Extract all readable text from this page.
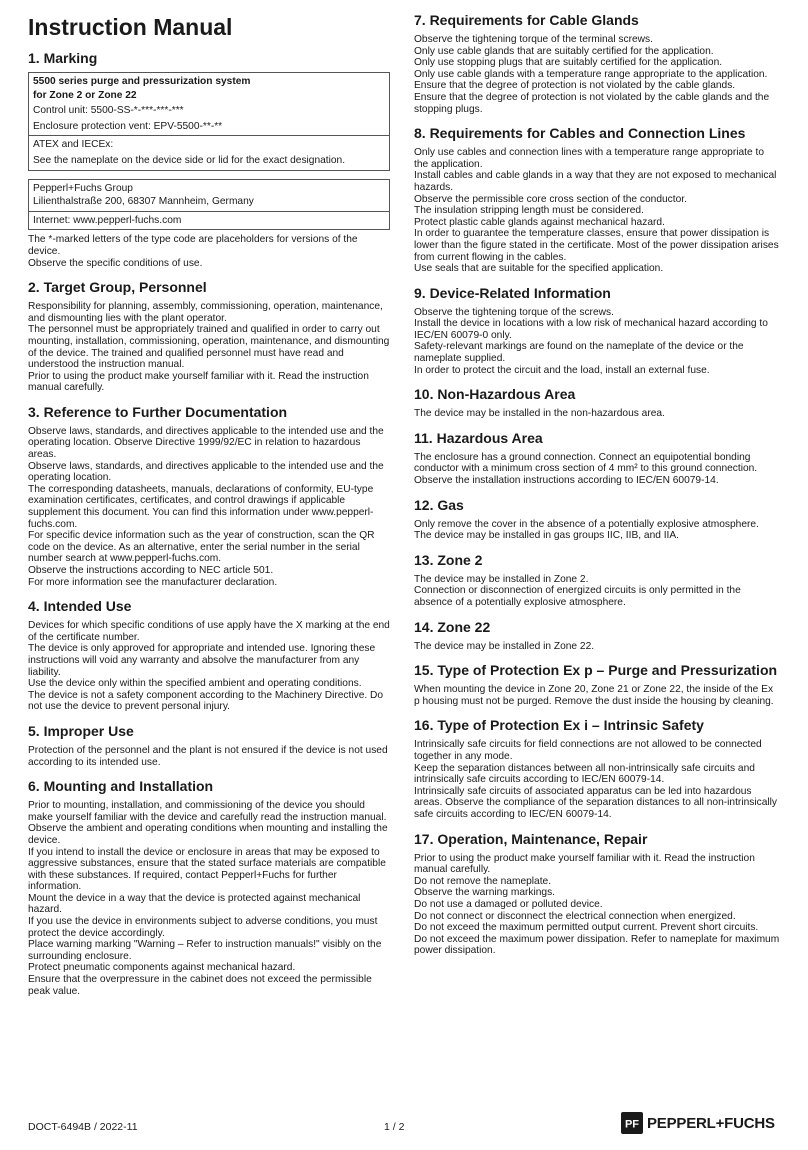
Instruction Manual
1. Marking

5500 series purge and pressurization system

for Zone 2 or Zone 22

Control unit: 5500-SS-*-***-***-***

Enclosure protection vent: EPV-5500-**-**

ATEX and IECEx:

See the nameplate on the device side or lid for the exact designation.

Pepperl+Fuchs Group

Lilienthalstraße 200, 68307 Mannheim, Germany

Internet: www.pepperl-fuchs.com

The *-marked letters of the type code are placeholders for versions of the device.

Observe the specific conditions of use.

2. Target Group, Personnel

Responsibility for planning, assembly, commissioning, operation, maintenance, and dismounting lies with the plant operator.

The personnel must be appropriately trained and qualified in order to carry out mounting, installation, commissioning, operation, maintenance, and dismounting of the device. The trained and qualified personnel must have read and understood the instruction manual.

Prior to using the product make yourself familiar with it. Read the instruction manual carefully.

3. Reference to Further Documentation

Observe laws, standards, and directives applicable to the intended use and the operating location. Observe Directive 1999/92/EC in relation to hazardous areas.

Observe laws, standards, and directives applicable to the intended use and the operating location.

The corresponding datasheets, manuals, declarations of conformity, EU-type examination certificates, certificates, and control drawings if applicable supplement this document. You can find this information under www.pepperl-fuchs.com.

For specific device information such as the year of construction, scan the QR code on the device. As an alternative, enter the serial number in the serial number search at www.pepperl-fuchs.com.

Observe the instructions according to NEC article 501.

For more information see the manufacturer declaration.

4. Intended Use

Devices for which specific conditions of use apply have the X marking at the end of the certificate number.

The device is only approved for appropriate and intended use. Ignoring these instructions will void any warranty and absolve the manufacturer from any liability.

Use the device only within the specified ambient and operating conditions.

The device is not a safety component according to the Machinery Directive. Do not use the device to prevent personal injury.

5. Improper Use

Protection of the personnel and the plant is not ensured if the device is not used according to its intended use.

6. Mounting and Installation

Prior to mounting, installation, and commissioning of the device you should make yourself familiar with the device and carefully read the instruction manual.

Observe the ambient and operating conditions when mounting and installing the device.

If you intend to install the device or enclosure in areas that may be exposed to aggressive substances, ensure that the stated surface materials are compatible with these substances. If required, contact Pepperl+Fuchs for further information.

Mount the device in a way that the device is protected against mechanical hazard.

If you use the device in environments subject to adverse conditions, you must protect the device accordingly.

Place warning marking "Warning – Refer to instruction manuals!" visibly on the surrounding enclosure.

Protect pneumatic components against mechanical hazard.

Ensure that the overpressure in the cabinet does not exceed the permissible peak value.

7. Requirements for Cable Glands

Observe the tightening torque of the terminal screws.

Only use cable glands that are suitably certified for the application.

Only use stopping plugs that are suitably certified for the application.

Only use cable glands with a temperature range appropriate to the application.

Ensure that the degree of protection is not violated by the cable glands.

Ensure that the degree of protection is not violated by the cable glands and the stopping plugs.

8. Requirements for Cables and Connection Lines

Only use cables and connection lines with a temperature range appropriate to the application.

Install cables and cable glands in a way that they are not exposed to mechanical hazards.

Observe the permissible core cross section of the conductor.

The insulation stripping length must be considered.

Protect plastic cable glands against mechanical hazard.

In order to guarantee the temperature classes, ensure that power dissipation is lower than the figure stated in the certificate. Most of the power dissipation arises from current flowing in the cables.

Use seals that are suitable for the specified application.

9. Device-Related Information

Observe the tightening torque of the screws.

Install the device in locations with a low risk of mechanical hazard according to IEC/EN 60079-0 only.

Safety-relevant markings are found on the nameplate of the device or the nameplate supplied.

In order to protect the circuit and the load, install an external fuse.

10. Non-Hazardous Area

The device may be installed in the non-hazardous area.

11. Hazardous Area

The enclosure has a ground connection. Connect an equipotential bonding conductor with a minimum cross section of 4 mm² to this ground connection.

Observe the installation instructions according to IEC/EN 60079-14.

12. Gas

Only remove the cover in the absence of a potentially explosive atmosphere.

The device may be installed in gas groups IIC, IIB, and IIA.

13. Zone 2

The device may be installed in Zone 2.

Connection or disconnection of energized circuits is only permitted in the absence of a potentially explosive atmosphere.

14. Zone 22

The device may be installed in Zone 22.

15. Type of Protection Ex p – Purge and Pressurization

When mounting the device in Zone 20, Zone 21 or Zone 22, the inside of the Ex p housing must not be purged. Remove the dust inside the housing by cleaning.

16. Type of Protection Ex i – Intrinsic Safety

Intrinsically safe circuits for field connections are not allowed to be connected together in any mode.

Keep the separation distances between all non-intrinsically safe circuits and intrinsically safe circuits according to IEC/EN 60079-14.

Intrinsically safe circuits of associated apparatus can be led into hazardous areas. Observe the compliance of the separation distances to all non-intrinsically safe circuits according to IEC/EN 60079-14.

17. Operation, Maintenance, Repair

Prior to using the product make yourself familiar with it. Read the instruction manual carefully.

Do not remove the nameplate.

Observe the warning markings.

Do not use a damaged or polluted device.

Do not connect or disconnect the electrical connection when energized.

Do not exceed the maximum permitted output current. Prevent short circuits.

Do not exceed the maximum power dissipation. Refer to nameplate for maximum power dissipation.

DOCT-6494B / 2022-11	1 / 2	PF PEPPERL+FUCHS
